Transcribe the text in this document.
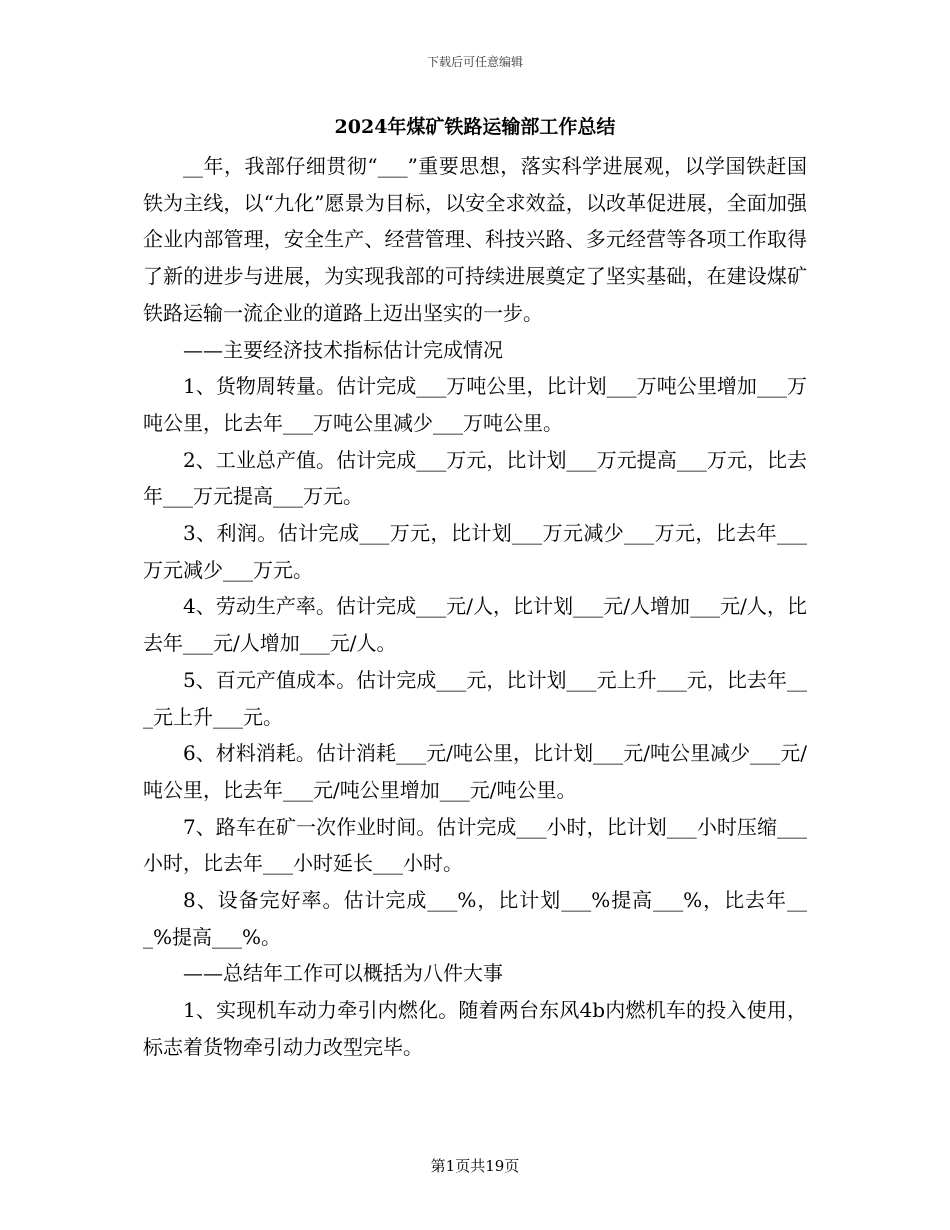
下载后可任意编辑
2024年煤矿铁路运输部工作总结

__年，我部仔细贯彻“___”重要思想，落实科学进展观，以学国铁赶国铁为主线，以“九化”愿景为目标，以安全求效益，以改革促进展，全面加强企业内部管理，安全生产、经营管理、科技兴路、多元经营等各项工作取得了新的进步与进展，为实现我部的可持续进展奠定了坚实基础，在建设煤矿铁路运输一流企业的道路上迈出坚实的一步。

——主要经济技术指标估计完成情况

1、货物周转量。估计完成___万吨公里，比计划___万吨公里增加___万吨公里，比去年___万吨公里减少___万吨公里。

2、工业总产值。估计完成___万元，比计划___万元提高___万元，比去年___万元提高___万元。

3、利润。估计完成___万元，比计划___万元减少___万元，比去年___万元减少___万元。

4、劳动生产率。估计完成___元/人，比计划___元/人增加___元/人，比去年___元/人增加___元/人。

5、百元产值成本。估计完成___元，比计划___元上升___元，比去年___元上升___元。

6、材料消耗。估计消耗___元/吨公里，比计划___元/吨公里减少___元/吨公里，比去年___元/吨公里增加___元/吨公里。

7、路车在矿一次作业时间。估计完成___小时，比计划___小时压缩___小时，比去年___小时延长___小时。

8、设备完好率。估计完成___%，比计划___%提高___%，比去年___%提高___%。

——总结年工作可以概括为八件大事

1、实现机车动力牵引内燃化。随着两台东风4b内燃机车的投入使用，标志着货物牵引动力改型完毕。

第1页共19页
